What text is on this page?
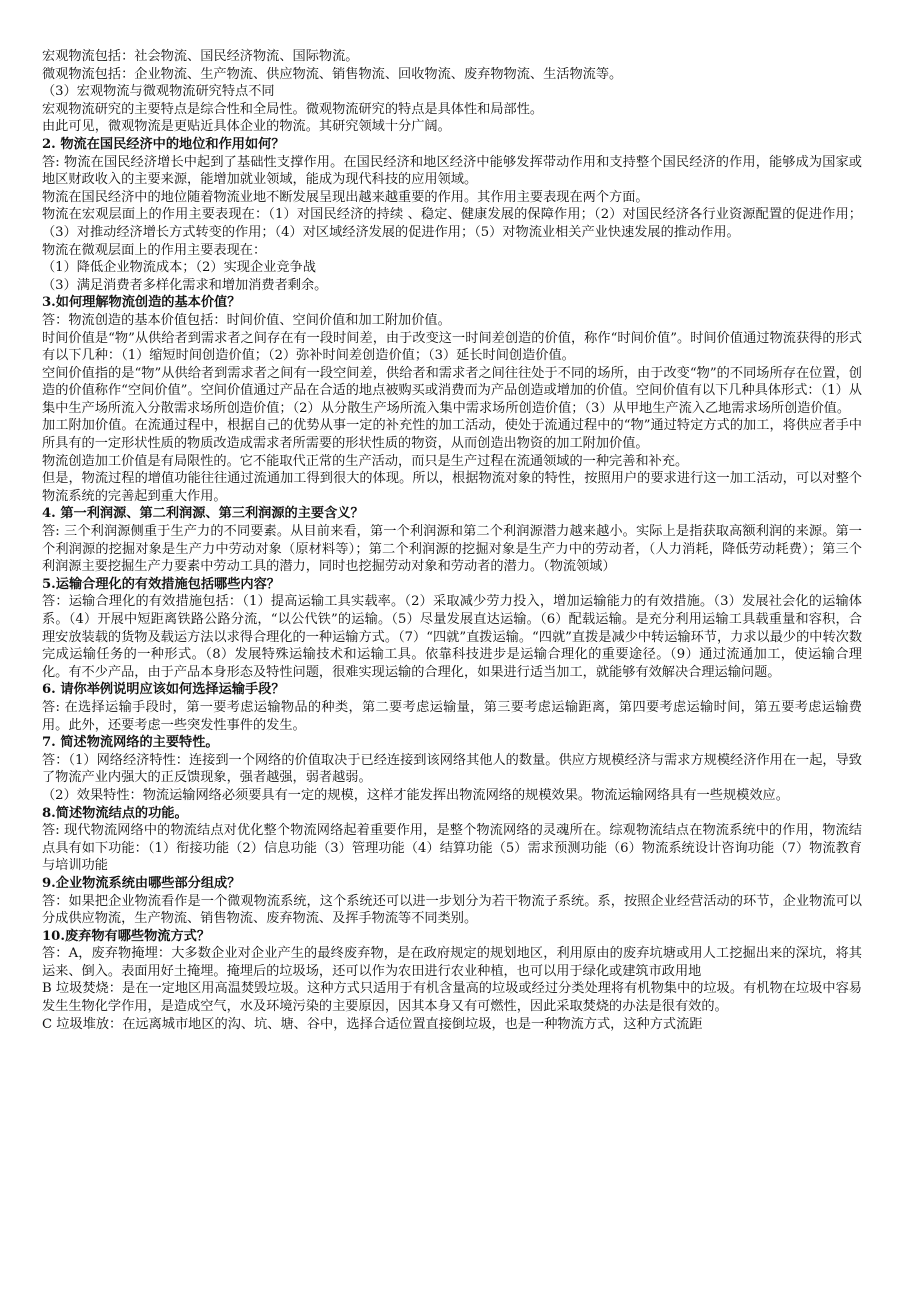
宏观物流包括：社会物流、国民经济物流、国际物流。
微观物流包括：企业物流、生产物流、供应物流、销售物流、回收物流、废弃物物流、生活物流等。
（3）宏观物流与微观物流研究特点不同
宏观物流研究的主要特点是综合性和全局性。微观物流研究的特点是具体性和局部性。
由此可见，微观物流是更贴近具体企业的物流。其研究领域十分广阔。
2. 物流在国民经济中的地位和作用如何？
答: 物流在国民经济增长中起到了基础性支撑作用。在国民经济和地区经济中能够发挥带动作用和支持整个国民经济的作用，能够成为国家或地区财政收入的主要来源，能增加就业领域，能成为现代科技的应用领域。
物流在国民经济中的地位随着物流业地不断发展呈现出越来越重要的作用。其作用主要表现在两个方面。
物流在宏观层面上的作用主要表现在：（1）对国民经济的持续 、稳定、健康发展的保障作用；（2）对国民经济各行业资源配置的促进作用；（3）对推动经济增长方式转变的作用；（4）对区域经济发展的促进作用；（5）对物流业相关产业快速发展的推动作用。
物流在微观层面上的作用主要表现在：
（1）降低企业物流成本；（2）实现企业竞争战
（3）满足消费者多样化需求和增加消费者剩余。
3.如何理解物流创造的基本价值？
答：物流创造的基本价值包括：时间价值、空间价值和加工附加价值。
时间价值是“物”从供给者到需求者之间存在有一段时间差，由于改变这一时间差创造的价值，称作“时间价值”。时间价值通过物流获得的形式有以下几种：（1）缩短时间创造价值；（2）弥补时间差创造价值；（3）延长时间创造价值。
空间价值指的是“物”从供给者到需求者之间有一段空间差，供给者和需求者之间往往处于不同的场所，由于改变“物”的不同场所存在位置，创造的价值称作“空间价值”。空间价值通过产品在合适的地点被购买或消费而为产品创造或增加的价值。空间价值有以下几种具体形式：（1）从集中生产场所流入分散需求场所创造价值；（2）从分散生产场所流入集中需求场所创造价值；（3）从甲地生产流入乙地需求场所创造价值。
加工附加价值。在流通过程中，根据自己的优势从事一定的补充性的加工活动，使处于流通过程中的“物”通过特定方式的加工，将供应者手中所具有的一定形状性质的物质改造成需求者所需要的形状性质的物资，从而创造出物资的加工附加价值。
物流创造加工价值是有局限性的。它不能取代正常的生产活动，而只是生产过程在流通领域的一种完善和补充。
但是，物流过程的增值功能往往通过流通加工得到很大的体现。所以，根据物流对象的特性，按照用户的要求进行这一加工活动，可以对整个物流系统的完善起到重大作用。
4. 第一利润源、第二利润源、第三利润源的主要含义？
答: 三个利润源侧重于生产力的不同要素。从目前来看，第一个利润源和第二个利润源潜力越来越小。实际上是指获取高额利润的来源。第一个利润源的挖掘对象是生产力中劳动对象（原材料等）；第二个利润源的挖掘对象是生产力中的劳动者，（人力消耗，降低劳动耗费）；第三个利润源主要挖掘生产力要素中劳动工具的潜力，同时也挖掘劳动对象和劳动者的潜力。（物流领域）
5.运输合理化的有效措施包括哪些内容？
答：运输合理化的有效措施包括：（1）提高运输工具实载率。（2）采取减少劳力投入，增加运输能力的有效措施。（3）发展社会化的运输体系。（4）开展中短距离铁路公路分流，“以公代铁”的运输。（5）尽量发展直达运输。（6）配载运输。是充分利用运输工具载重量和容积，合理安放装载的货物及载运方法以求得合理化的一种运输方式。（7）“四就”直拨运输。“四就”直拨是减少中转运输环节，力求以最少的中转次数完成运输任务的一种形式。（8）发展特殊运输技术和运输工具。依靠科技进步是运输合理化的重要途径。（9）通过流通加工，使运输合理化。有不少产品，由于产品本身形态及特性问题，很难实现运输的合理化，如果进行适当加工，就能够有效解决合理运输问题。
6. 请你举例说明应该如何选择运输手段？
答: 在选择运输手段时，第一要考虑运输物品的种类，第二要考虑运输量，第三要考虑运输距离，第四要考虑运输时间，第五要考虑运输费用。此外，还要考虑一些突发性事件的发生。
7. 简述物流网络的主要特性。
答：（1）网络经济特性：连接到一个网络的价值取决于已经连接到该网络其他人的数量。供应方规模经济与需求方规模经济作用在一起，导致了物流产业内强大的正反馈现象，强者越强，弱者越弱。
（2）效果特性：物流运输网络必须要具有一定的规模，这样才能发挥出物流网络的规模效果。物流运输网络具有一些规模效应。
8.简述物流结点的功能。
答: 现代物流网络中的物流结点对优化整个物流网络起着重要作用，是整个物流网络的灵魂所在。综观物流结点在物流系统中的作用，物流结点具有如下功能：（1）衔接功能（2）信息功能（3）管理功能（4）结算功能（5）需求预测功能（6）物流系统设计咨询功能（7）物流教育与培训功能
9.企业物流系统由哪些部分组成？
答：如果把企业物流看作是一个微观物流系统，这个系统还可以进一步划分为若干物流子系统。系，按照企业经营活动的环节，企业物流可以分成供应物流，生产物流、销售物流、废弃物流、及挥手物流等不同类别。
10.废弃物有哪些物流方式？
答：A，废弃物掩埋：大多数企业对企业产生的最终废弃物，是在政府规定的规划地区，利用原由的废弃坑塘或用人工挖掘出来的深坑，将其运来、倒入。表面用好土掩埋。掩埋后的垃圾场，还可以作为农田进行农业种植，也可以用于绿化或建筑市政用地
B 垃圾焚烧：是在一定地区用高温焚毁垃圾。这种方式只适用于有机含量高的垃圾或经过分类处理将有机物集中的垃圾。有机物在垃圾中容易发生生物化学作用，是造成空气，水及环境污染的主要原因，因其本身又有可燃性，因此采取焚烧的办法是很有效的。
C 垃圾堆放：在远离城市地区的沟、坑、塘、谷中，选择合适位置直接倒垃圾，也是一种物流方式，这种方式流距
